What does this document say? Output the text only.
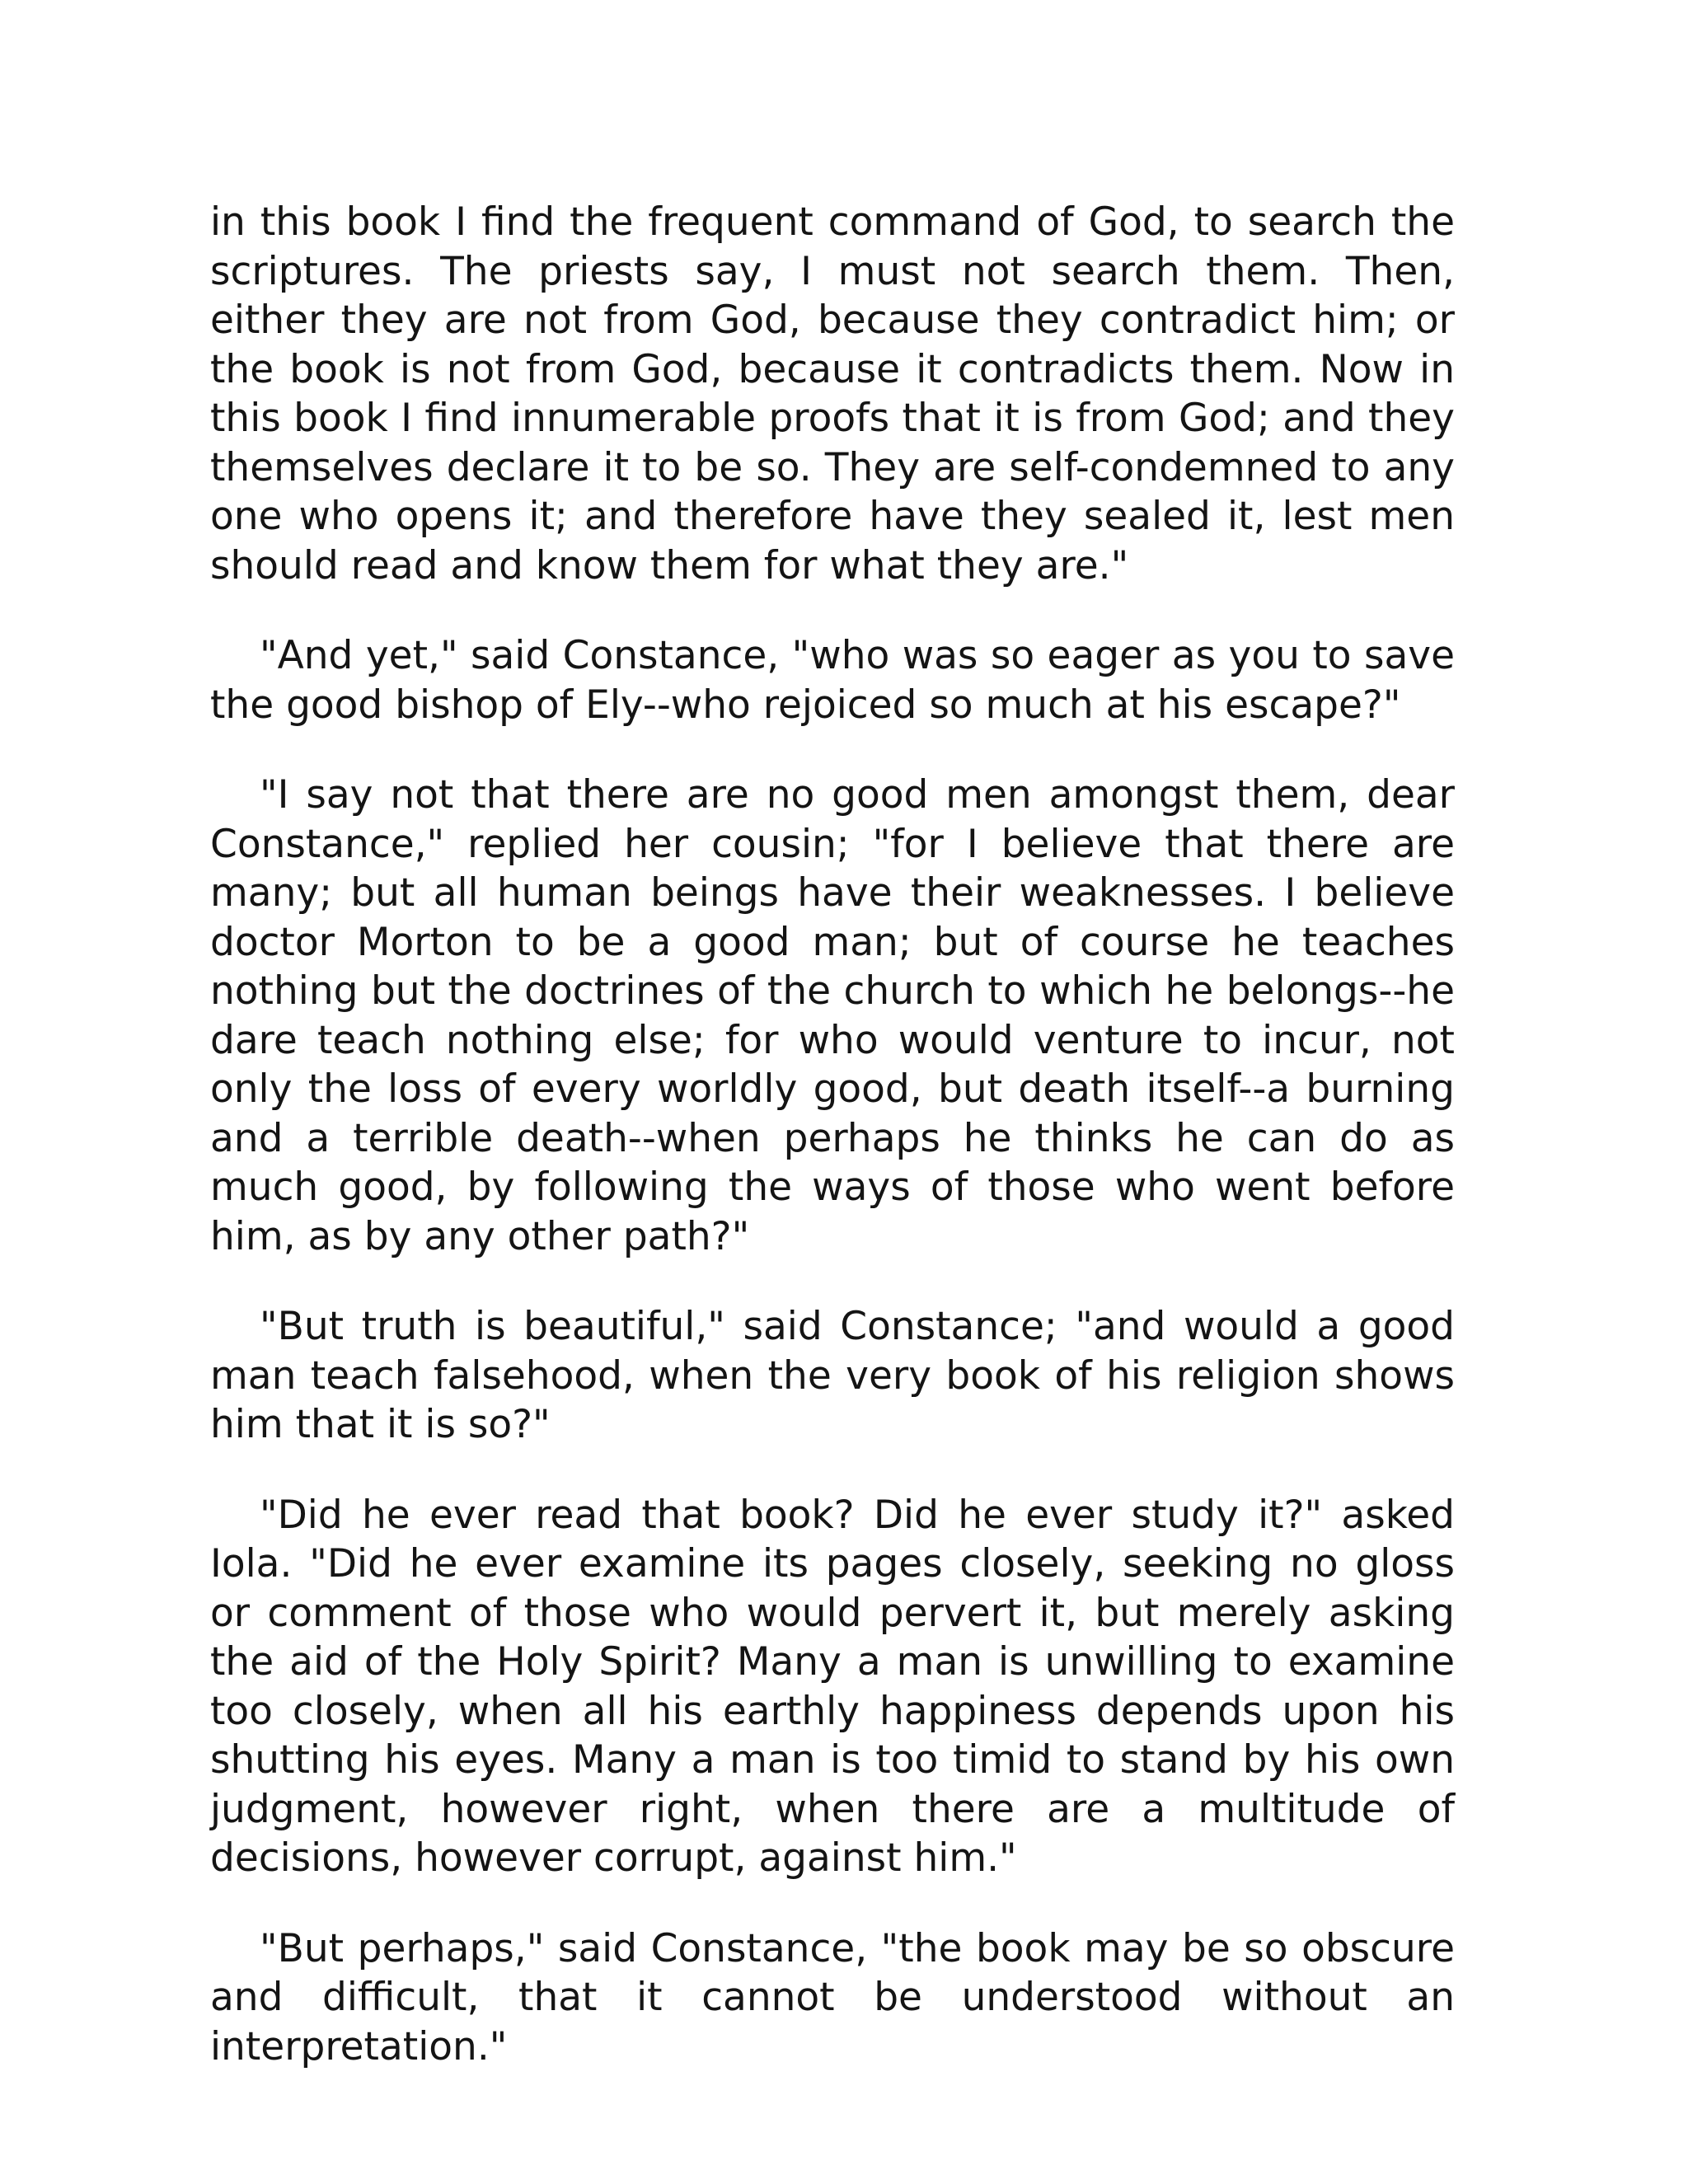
in this book I find the frequent command of God, to search the scriptures. The priests say, I must not search them. Then, either they are not from God, because they contradict him; or the book is not from God, because it contradicts them. Now in this book I find innumerable proofs that it is from God; and they themselves declare it to be so. They are self-condemned to any one who opens it; and therefore have they sealed it, lest men should read and know them for what they are."

"And yet," said Constance, "who was so eager as you to save the good bishop of Ely--who rejoiced so much at his escape?"

"I say not that there are no good men amongst them, dear Constance," replied her cousin; "for I believe that there are many; but all human beings have their weaknesses. I believe doctor Morton to be a good man; but of course he teaches nothing but the doctrines of the church to which he belongs--he dare teach nothing else; for who would venture to incur, not only the loss of every worldly good, but death itself--a burning and a terrible death--when perhaps he thinks he can do as much good, by following the ways of those who went before him, as by any other path?"

"But truth is beautiful," said Constance; "and would a good man teach falsehood, when the very book of his religion shows him that it is so?"

"Did he ever read that book? Did he ever study it?" asked Iola. "Did he ever examine its pages closely, seeking no gloss or comment of those who would pervert it, but merely asking the aid of the Holy Spirit? Many a man is unwilling to examine too closely, when all his earthly happiness depends upon his shutting his eyes. Many a man is too timid to stand by his own judgment, however right, when there are a multitude of decisions, however corrupt, against him."

"But perhaps," said Constance, "the book may be so obscure and difficult, that it cannot be understood without an interpretation."
